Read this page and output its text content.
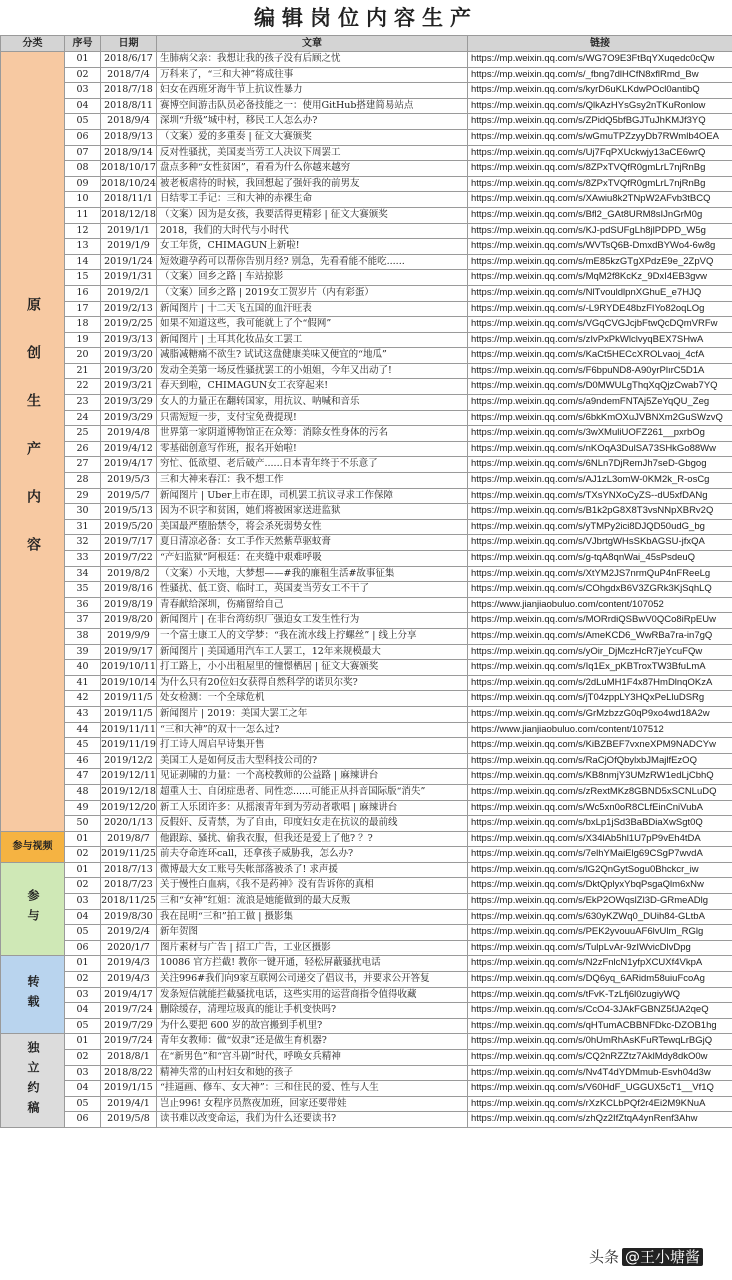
编辑岗位内容生产
分类	序号	日期	文章	链接
原创生产内容	01	2018/6/17	生肺病父亲：我想让我的孩子没有后顾之忧	https://mp.weixin.qq.com/s/WG7O9E3FtBqYXuqedc0cQw
	02	2018/7/4	万科来了，“三和大神”将成往事	https://mp.weixin.qq.com/s/_fbng7dlHCfN8xflRmd_Bw
	03	2018/7/18	妇女在西班牙海牛节上抗议性暴力	https://mp.weixin.qq.com/s/kyrD6uKLKdwPOcl0antibQ
	04	2018/8/11	赛博空间游击队员必备技能之一：使用GitHub搭建简易站点	https://mp.weixin.qq.com/s/QlkAzHYsGsy2nTKuRonlow
	05	2018/9/4	深圳“升级”城中村，移民工人怎么办?	https://mp.weixin.qq.com/s/ZPidQ5bfBGJTuJhKMJf3YQ
	06	2018/9/13	（文案）爱的多重奏 | 征文大赛颁奖	https://mp.weixin.qq.com/s/wGmuTPZzyyDb7RWmlb4OEA
	07	2018/9/14	反对性骚扰，美国麦当劳工人决议下周罢工	https://mp.weixin.qq.com/s/Uj7FqPXUckwjy13aCE6wrQ
	08	2018/10/17	盘点多种“女性贫困”，看看为什么你越来越穷	https://mp.weixin.qq.com/s/8ZPxTVQfR0gmLrL7njRnBg
	09	2018/10/24	被老板虐待的时候，我回想起了强奸我的前男友	https://mp.weixin.qq.com/s/8ZPxTVQfR0gmLrL7njRnBg
	10	2018/11/1	日结零工手记：三和大神的赤裸生命	https://mp.weixin.qq.com/s/XAwiu8k2TNpW2AFvb3tBCQ
	11	2018/12/18	（文案）因为是女孩，我要活得更精彩 | 征文大赛颁奖	https://mp.weixin.qq.com/s/Bfl2_GAt8URM8sIJnGrM0g
	12	2019/1/1	2018，我们的大时代与小时代	https://mp.weixin.qq.com/s/KJ-pdSUFgLh8jlPDPD_W5g
	13	2019/1/9	女工年货，CHIMAGUN上新啦!	https://mp.weixin.qq.com/s/WVTsQ6B-DmxdBYWo4-6w8g
	14	2019/1/24	短效避孕药可以帮你告别月经? 别急，先看看能不能吃......	https://mp.weixin.qq.com/s/mE85kzGTgXPdzE9e_2ZpVQ
	15	2019/1/31	（文案）回乡之路 | 车站掠影	https://mp.weixin.qq.com/s/MqM2f8KcKz_9DxI4EB3gvw
	16	2019/2/1	（文案）回乡之路 | 2019女工贺岁片（内有彩蛋）	https://mp.weixin.qq.com/s/NlTvouldlpnXGhuE_e7HJQ
	17	2019/2/13	新闻图片 | 十二天飞五国的血汗旺表	https://mp.weixin.qq.com/s/-L9RYDE48bzFIYo82oqLOg
	18	2019/2/25	如果不知道这些，我可能就上了个“假网”	https://mp.weixin.qq.com/s/VGqCVGJcjbFtwQcDQmVRFw
	19	2019/3/13	新闻图片 | 土耳其化妆品女工罢工	https://mp.weixin.qq.com/s/zIvPxPkWlclvyqBEX7SHwA
	20	2019/3/20	减脂减糖痛不欲生? 试试这盘健康美味又便宜的“地瓜”	https://mp.weixin.qq.com/s/KaCt5HECcXROLvaoj_4cfA
	21	2019/3/20	发动全美第一场反性骚扰罢工的小姐姐，今年又出动了!	https://mp.weixin.qq.com/s/F6bpuND8-A90yrPlırC5D1A
	22	2019/3/21	春天到啦，CHIMAGUN女工衣穿起来!	https://mp.weixin.qq.com/s/D0MWULgThqXqQjzCwab7YQ
	23	2019/3/29	女人的力量正在翻转国家，用抗议、呐喊和音乐	https://mp.weixin.qq.com/s/a9ndemFNTAj5ZeYqQU_Zeg
	24	2019/3/29	只需短短一步，支付宝免费提现!	https://mp.weixin.qq.com/s/6bkKmOXuJVBNXm2GuSWzvQ
	25	2019/4/8	世界第一家阴道博物馆正在众筹：消除女性身体的污名	https://mp.weixin.qq.com/s/3wXMuliUOFZ261__pxrbOg
	26	2019/4/12	零基础创意写作班，报名开始啦!	https://mp.weixin.qq.com/s/nKOqA3DulSA73SHkGo88Ww
	27	2019/4/17	穷忙、低欲望、老后破产......日本青年终于不乐意了	https://mp.weixin.qq.com/s/6NLn7DjRemJh7seD-Gbgog
	28	2019/5/3	三和大神来春江：我不想工作	https://mp.weixin.qq.com/s/AJ1zL3omW-0KM2k_R-osCg
	29	2019/5/7	新闻图片 | Uber上市在即，司机罢工抗议寻求工作保障	https://mp.weixin.qq.com/s/TXsYNXoCyZS--dU5xfDANg
	30	2019/5/13	因为不识字和贫困，她们将被困家送进监狱	https://mp.weixin.qq.com/s/B1k2pG8X8T3vsNNpXBRv2Q
	31	2019/5/20	美国最严堕胎禁令，将会杀死弱势女性	https://mp.weixin.qq.com/s/yTMPy2ici8DJQD50udG_bg
	32	2019/7/17	夏日清凉必备：女工手作天然紫草驱蚊膏	https://mp.weixin.qq.com/s/VJbrtgWHsSKbAGSU-jfxQA
	33	2019/7/22	“产妇监狱”阿根廷：在夹缝中艰难呼吸	https://mp.weixin.qq.com/s/g-tqA8qnWai_45sPsdeuQ
	34	2019/8/2	（文案）小天地，大梦想——#我的廉租生活#故事征集	https://mp.weixin.qq.com/s/XtYM2JS7nrmQuP4nFReeLg
	35	2019/8/16	性骚扰、低工资、临时工，英国麦当劳女工不干了	https://mp.weixin.qq.com/s/COhgdxB6V3ZGRk3KjSqhLQ
	36	2019/8/19	青春献给深圳，伤痛留给自己	https://www.jianjiaobuluo.com/content/107052
	37	2019/8/20	新闻图片 | 在非台湾纺织厂强迫女工发生性行为	https://mp.weixin.qq.com/s/MORrdiQSBwV0QCo8iRpEUw
	38	2019/9/9	一个富士康工人的文学梦：“我在流水线上拧螺丝” | 线上分享	https://mp.weixin.qq.com/s/AmeKCD6_WwRBa7ra-in7gQ
	39	2019/9/17	新闻图片 | 美国通用汽车工人罢工，12年来规模最大	https://mp.weixin.qq.com/s/yOir_DjMczHcR7jeYcuFQw
	40	2019/10/11	打工路上，小小出租屋里的憧憬栖居 | 征文大赛颁奖	https://mp.weixin.qq.com/s/Iq1Ex_pKBTroxTW3BfuLmA
	41	2019/10/14	为什么只有20位妇女获得自然科学的诺贝尔奖?	https://mp.weixin.qq.com/s/2dLuMH1F4x87HmDlnqOKzA
	42	2019/11/5	处女检测：一个全球危机	https://mp.weixin.qq.com/s/jT04zppLY3HQxPeLluDSRg
	43	2019/11/5	新闻图片 | 2019：美国大罢工之年	https://mp.weixin.qq.com/s/GrMzbzzG0qP9xo4wd18A2w
	44	2019/11/11	“三和大神”的双十一怎么过?	https://www.jianjiaobuluo.com/content/107512
	45	2019/11/19	打工诗人周启早诗集开售	https://mp.weixin.qq.com/s/KiBZBEF7vxneXPM9NADCYw
	46	2019/12/2	美国工人是如何反击大型科技公司的?	https://mp.weixin.qq.com/s/RaCjOfQbylxbJMajlfEzOQ
	47	2019/12/11	见证剥啸的力量：一个高校教师的公益路 | 麻辣讲台	https://mp.weixin.qq.com/s/KB8nmjY3UMzRW1edLjCbhQ
	48	2019/12/18	超重人士、自闭症患者、同性恋......可能正从抖音国际版“消失”	https://mp.weixin.qq.com/s/zRextMKz8GBND5xSCNLuDQ
	49	2019/12/20	新工人乐团许多：从摇滚青年到为劳动者歌唱 | 麻辣讲台	https://mp.weixin.qq.com/s/Wc5xn0oR8CLfEinCniVubA
	50	2020/1/13	反假奸、反青禁，为了自由，印度妇女走在抗议的最前线	https://mp.weixin.qq.com/s/bxLp1jSd3BaBDiaXwSgt0Q
参与视频	01	2019/8/7	他跟踪、骚扰、偷我衣服，但我还是爱上了他? ？?	https://mp.weixin.qq.com/s/X34lAb5hl1U7pP9vEh4tDA
	02	2019/11/25	前夫夺命连环call，还拿孩子威胁我，怎么办?	https://mp.weixin.qq.com/s/7elhYMaiElg69CSgP7wvdA
参与	01	2018/7/13	微博最大女工账号失帐部落被杀了! 求声援	https://mp.weixin.qq.com/s/lG2QnGytSogu0Bhckcr_iw
	02	2018/7/23	关于慢性白血病，《我不是药神》没有告诉你的真相	https://mp.weixin.qq.com/s/DktQplyxYbqPsgaQlm6xNw
	03	2018/11/25	三和“女神”红姐：流浪是她能做到的最大反叛	https://mp.weixin.qq.com/s/EkP2OWqslZl3D-GRmeADlg
	04	2019/8/30	我在昆明“三和”拍工做 | 摄影集	https://mp.weixin.qq.com/s/630yKZWq0_DUih84-GLtbA
	05	2019/2/4	新年贺图	https://mp.weixin.qq.com/s/PEK2yvouuAF6lvUlm_RGlg
	06	2020/1/7	图片素材与广告 | 招工广告，工业区摄影	https://mp.weixin.qq.com/s/TulpLvAr-9zIWvicDlvDpg
转载	01	2019/4/3	10086 官方拦截! 教你一键开通，轻松屏蔽骚扰电话	https://mp.weixin.qq.com/s/N2zFnlcN1yfpXCUXf4VkpA
	02	2019/4/3	关注996#我们向9家互联网公司递交了倡议书，并要求公开答复	https://mp.weixin.qq.com/s/DQ6yq_6ARidm58uiuFcoAg
	03	2019/4/17	发条短信就能拦截骚扰电话，这些实用的运营商指令值得收藏	https://mp.weixin.qq.com/s/tFvK-TzLfj6l0zugiyWQ
	04	2019/7/24	删除缓存，清理垃圾真的能让手机变快吗?	https://mp.weixin.qq.com/s/CcO4-3JAkFGBNZ5fJA2qeQ
	05	2019/7/29	为什么要把 600 岁的故宫搬到手机里?	https://mp.weixin.qq.com/s/qHTumACBBNFDkc-DZOB1hg
独立约稿	01	2019/7/24	青年女教师：做“奴隶”还是做生育机器?	https://mp.weixin.qq.com/s/0hUmRhAsKFuRTewqLrBGjQ
	02	2018/8/1	在“新男色”和“宫斗剧”时代，呼唤女兵精神	https://mp.weixin.qq.com/s/CQ2nRZZtz7AklMdy8dkO0w
	03	2018/8/22	精神失常的山村妇女和她的孩子	https://mp.weixin.qq.com/s/Nv4T4dYDMmub-Esvh04d3w
	04	2019/1/15	“挂逼画、修车、女大神”：三和住民的爱、性与人生	https://mp.weixin.qq.com/s/V60HdF_UGGUX5cT1__Vf1Q
	05	2019/4/1	岂止996! 女程序员熬夜加班，回家还要带娃	https://mp.weixin.qq.com/s/rXzKCLbPQf2r4Ei2M9KNuA
	06	2019/5/8	读书难以改变命运，我们为什么还要读书?	https://mp.weixin.qq.com/s/zhQz2IfZtqA4ynRenf3Ahw
头条 @王小塘酱
